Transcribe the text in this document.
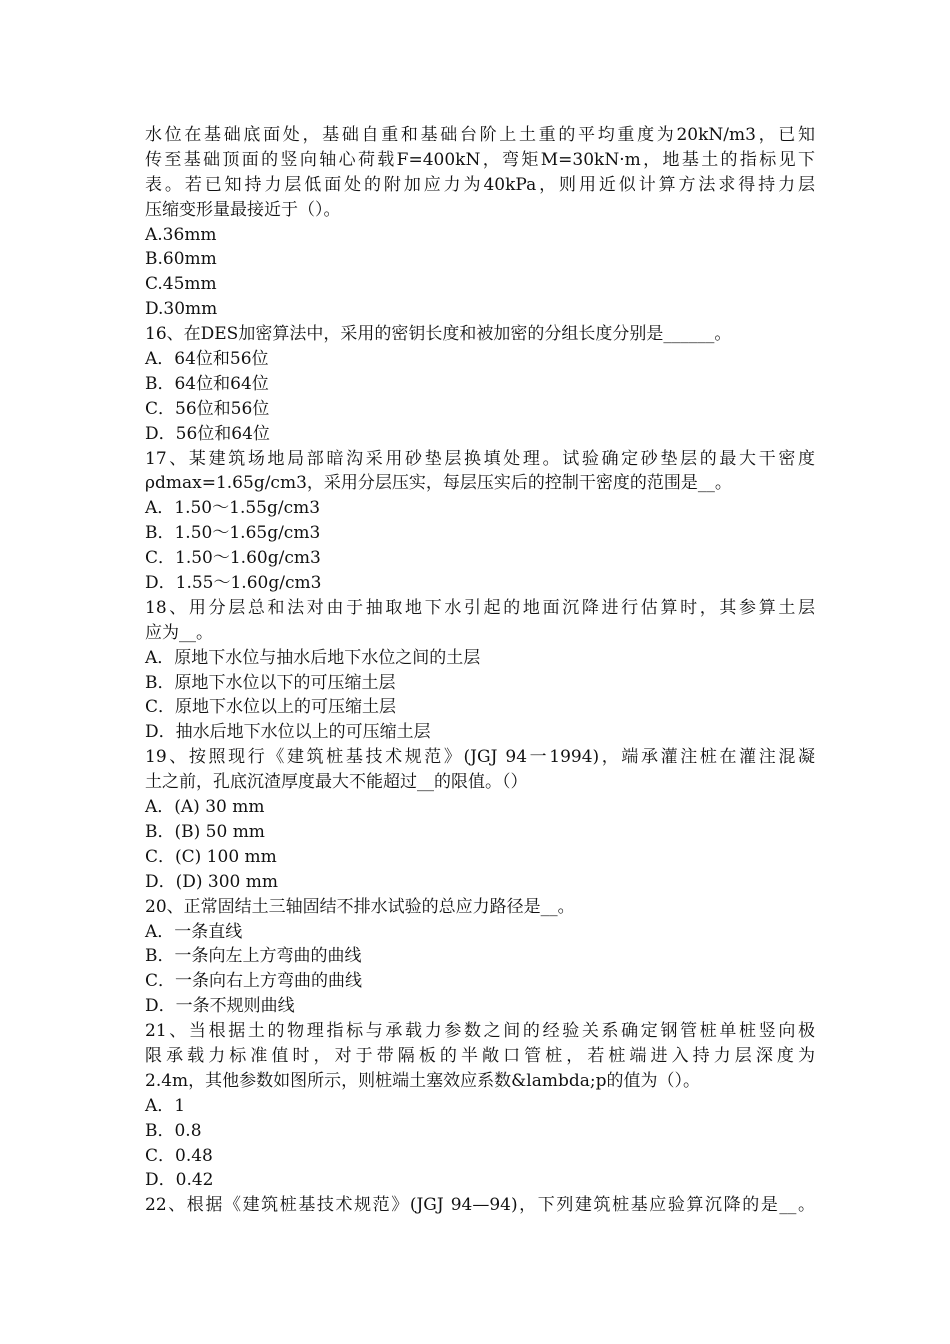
水位在基础底面处，基础自重和基础台阶上土重的平均重度为20kN/m3，已知
传至基础顶面的竖向轴心荷载F=400kN，弯矩M=30kN·m，地基土的指标见下
表。若已知持力层低面处的附加应力为40kPa，则用近似计算方法求得持力层
压缩变形量最接近于（）。
A.36mm
B.60mm
C.45mm
D.30mm
16、在DES加密算法中，采用的密钥长度和被加密的分组长度分别是______。
A．64位和56位
B．64位和64位
C．56位和56位
D．56位和64位
17、某建筑场地局部暗沟采用砂垫层换填处理。试验确定砂垫层的最大干密度
ρdmax=1.65g/cm3，采用分层压实，每层压实后的控制干密度的范围是__。
A．1.50～1.55g/cm3
B．1.50～1.65g/cm3
C．1.50～1.60g/cm3
D．1.55～1.60g/cm3
18、用分层总和法对由于抽取地下水引起的地面沉降进行估算时，其参算土层
应为__。
A．原地下水位与抽水后地下水位之间的土层
B．原地下水位以下的可压缩土层
C．原地下水位以上的可压缩土层
D．抽水后地下水位以上的可压缩土层
19、按照现行《建筑桩基技术规范》(JGJ 94一1994)，端承灌注桩在灌注混凝
土之前，孔底沉渣厚度最大不能超过__的限值。（）
A．(A) 30 mm
B．(B) 50 mm
C．(C) 100 mm
D．(D) 300 mm
20、正常固结土三轴固结不排水试验的总应力路径是__。
A．一条直线
B．一条向左上方弯曲的曲线
C．一条向右上方弯曲的曲线
D．一条不规则曲线
21、当根据土的物理指标与承载力参数之间的经验关系确定钢管桩单桩竖向极
限承载力标准值时，对于带隔板的半敞口管桩，若桩端进入持力层深度为
2.4m，其他参数如图所示，则桩端土塞效应系数&lambda;p的值为（）。
A．1
B．0.8
C．0.48
D．0.42
22、根据《建筑桩基技术规范》(JGJ 94—94)，下列建筑桩基应验算沉降的是__。
